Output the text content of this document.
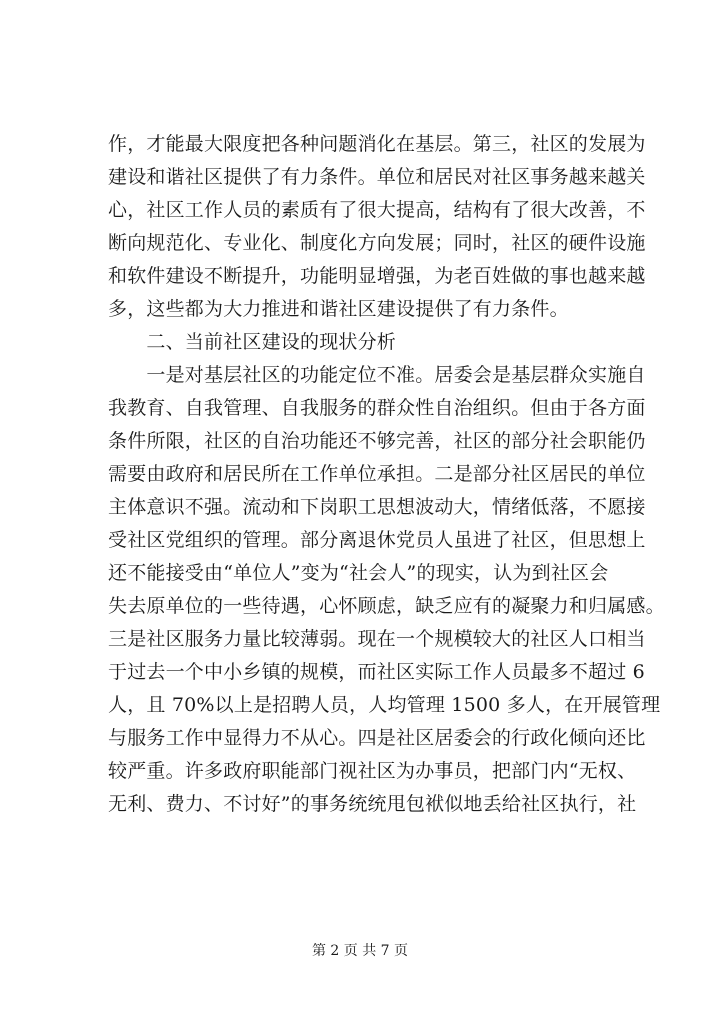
作，才能最大限度把各种问题消化在基层。第三，社区的发展为
建设和谐社区提供了有力条件。单位和居民对社区事务越来越关
心，社区工作人员的素质有了很大提高，结构有了很大改善，不
断向规范化、专业化、制度化方向发展；同时，社区的硬件设施
和软件建设不断提升，功能明显增强，为老百姓做的事也越来越
多，这些都为大力推进和谐社区建设提供了有力条件。
　　二、当前社区建设的现状分析
　　一是对基层社区的功能定位不准。居委会是基层群众实施自
我教育、自我管理、自我服务的群众性自治组织。但由于各方面
条件所限，社区的自治功能还不够完善，社区的部分社会职能仍
需要由政府和居民所在工作单位承担。二是部分社区居民的单位
主体意识不强。流动和下岗职工思想波动大，情绪低落，不愿接
受社区党组织的管理。部分离退休党员人虽进了社区，但思想上
还不能接受由“单位人”变为“社会人”的现实，认为到社区会
失去原单位的一些待遇，心怀顾虑，缺乏应有的凝聚力和归属感。
三是社区服务力量比较薄弱。现在一个规模较大的社区人口相当
于过去一个中小乡镇的规模，而社区实际工作人员最多不超过 6
人，且 70%以上是招聘人员，人均管理 1500 多人，在开展管理
与服务工作中显得力不从心。四是社区居委会的行政化倾向还比
较严重。许多政府职能部门视社区为办事员，把部门内“无权、
无利、费力、不讨好”的事务统统甩包袱似地丢给社区执行，社
第 2 页 共 7 页
